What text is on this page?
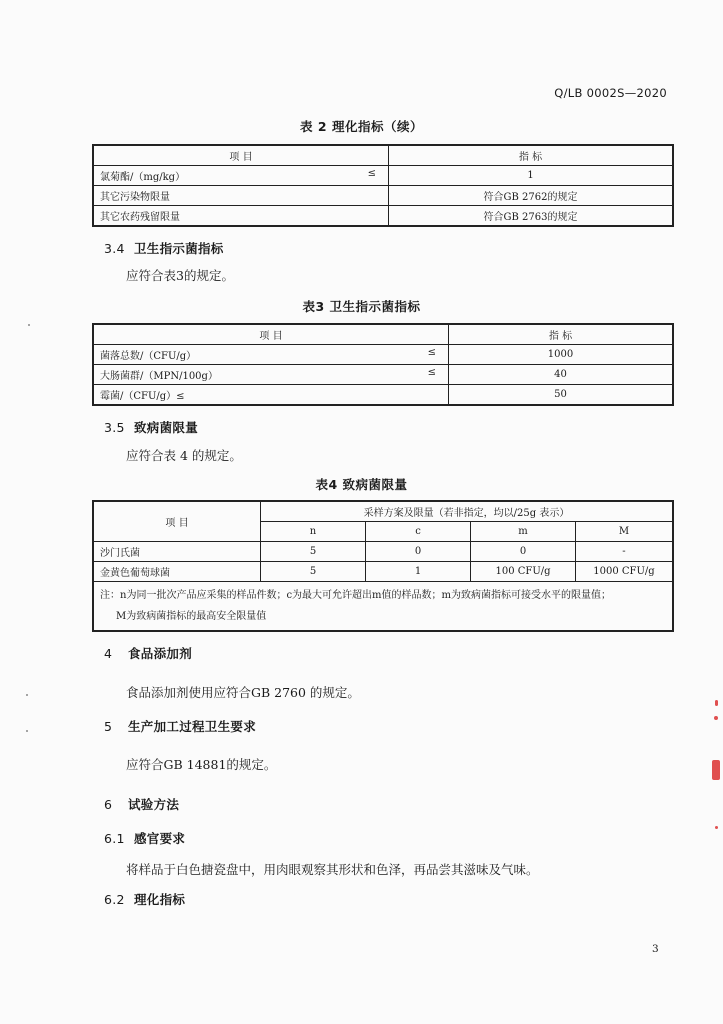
Q/LB 0002S—2020
表 2 理化指标（续）
项 目	指 标
氯菊酯/（mg/kg） ≤	1
其它污染物限量	符合GB 2762的规定
其它农药残留限量	符合GB 2763的规定
3.4 卫生指示菌指标
应符合表3的规定。
表3 卫生指示菌指标
项 目	指 标
菌落总数/（CFU/g） ≤	1000
大肠菌群/（MPN/100g） ≤	40
霉菌/（CFU/g）≤	50
3.5 致病菌限量
应符合表 4 的规定。
表4 致病菌限量
项 目	采样方案及限量（若非指定，均以/25g 表示）			
	n	c	m	M
沙门氏菌	5	0	0	-
金黄色葡萄球菌	5	1	100 CFU/g	1000 CFU/g

注：n为同一批次产品应采集的样品件数；c为最大可允许超出m值的样品数；m为致病菌指标可接受水平的限量值；
M为致病菌指标的最高安全限量值				
4 食品添加剂
食品添加剂使用应符合GB 2760 的规定。
5 生产加工过程卫生要求
应符合GB 14881的规定。
6 试验方法
6.1 感官要求
将样品于白色搪瓷盘中，用肉眼观察其形状和色泽，再品尝其滋味及气味。
6.2 理化指标
3
